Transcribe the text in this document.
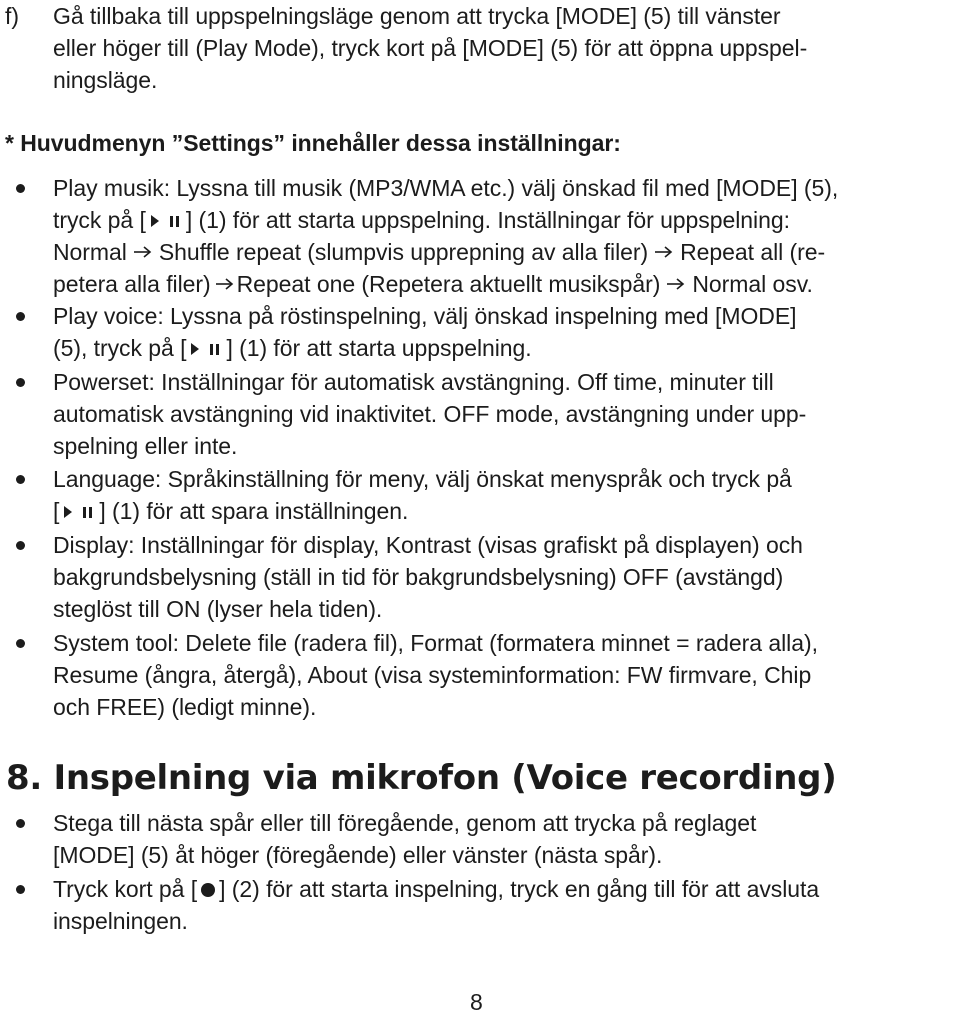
f) Gå tillbaka till uppspelningsläge genom att trycka [MODE] (5) till vänster

eller höger till (Play Mode), tryck kort på [MODE] (5) för att öppna uppspel-

ningsläge.

* Huvudmenyn ”Settings” innehåller dessa inställningar:

Play musik: Lyssna till musik (MP3/WMA etc.) välj önskad fil med [MODE] (5),

tryck på [ ] (1) för att starta uppspelning. Inställningar för uppspelning:

Normal Shuffle repeat (slumpvis upprepning av alla filer) Repeat all (re-

petera alla filer) Repeat one (Repetera aktuellt musikspår) Normal osv.

Play voice: Lyssna på röstinspelning, välj önskad inspelning med [MODE]

(5), tryck på [ ] (1) för att starta uppspelning.

Powerset: Inställningar för automatisk avstängning. Off time, minuter till

automatisk avstängning vid inaktivitet. OFF mode, avstängning under upp-

spelning eller inte.

Language: Språkinställning för meny, välj önskat menyspråk och tryck på

[ ] (1) för att spara inställningen.

Display: Inställningar för display, Kontrast (visas grafiskt på displayen) och

bakgrundsbelysning (ställ in tid för bakgrundsbelysning) OFF (avstängd)

steglöst till ON (lyser hela tiden).

System tool: Delete file (radera fil), Format (formatera minnet = radera alla),

Resume (ångra, återgå), About (visa systeminformation: FW firmvare, Chip

och FREE) (ledigt minne).

8. Inspelning via mikrofon (Voice recording)

Stega till nästa spår eller till föregående, genom att trycka på reglaget

[MODE] (5) åt höger (föregående) eller vänster (nästa spår).

Tryck kort på [ ] (2) för att starta inspelning, tryck en gång till för att avsluta

inspelningen.

8
